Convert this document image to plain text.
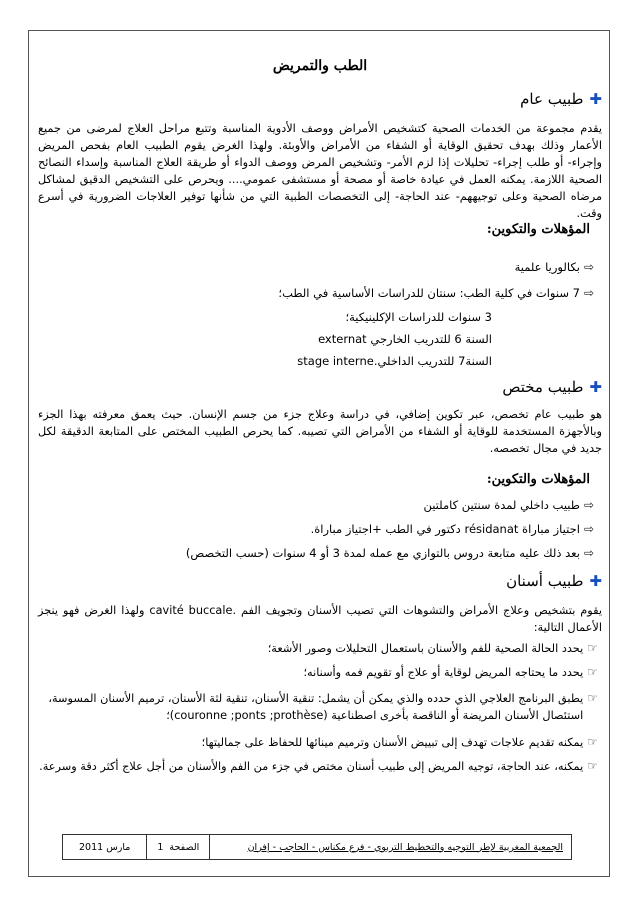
الطب والتمريض
✚
طبيب عام
يقدم مجموعة من الخدمات الصحية كتشخيص الأمراض ووصف الأدوية المناسبة وتتبع مراحل العلاج لمرضى من جميع الأعمار وذلك بهدف تحقيق الوقاية أو الشفاء من الأمراض والأوبئة. ولهذا الغرض يقوم الطبيب العام بفحص المريض وإجراء- أو طلب إجراء- تحليلات إذا لزم الأمر- وتشخيص المرض ووصف الدواء أو طريقة العلاج المناسبة وإسداء النصائح الصحية اللازمة. يمكنه العمل في عيادة خاصة أو مصحة أو مستشفى عمومي.... ويحرص على التشخيص الدقيق لمشاكل مرضاه الصحية وعلى توجيههم- عند الحاجة- إلى التخصصات الطبية التي من شأنها توفير العلاجات الضرورية في أسرع وقت.
المؤهلات والتكوين:
⇨
بكالوريا علمية
⇨
7 سنوات في كلية الطب: سنتان للدراسات الأساسية في الطب؛
3 سنوات للدراسات الإكلينيكية؛
السنة 6 للتدريب الخارجي externat
السنة7 للتدريب الداخلي.stage interne
✚
طبيب مختص
هو طبيب عام تخصص، عبر تكوين إضافي، في دراسة وعلاج جزء من جسم الإنسان. حيث يعمق معرفته بهذا الجزء وبالأجهزة المستخدمة للوقاية أو الشفاء من الأمراض التي تصيبه. كما يحرص الطبيب المختص على المتابعة الدقيقة لكل جديد في مجال تخصصه.
المؤهلات والتكوين:
⇨
طبيب داخلي لمدة سنتين كاملتين
⇨
اجتياز مباراة résidanat دكتور في الطب +اجتياز مباراة.
⇨
بعد ذلك عليه متابعة دروس بالتوازي مع عمله لمدة 3 أو 4 سنوات (حسب التخصص)
✚
طبيب أسنان
يقوم بتشخيص وعلاج الأمراض والتشوهات التي تصيب الأسنان وتجويف الفم .cavité buccale ولهذا الغرض فهو ينجز الأعمال التالية:
☞
يحدد الحالة الصحية للفم والأسنان باستعمال التحليلات وصور الأشعة؛
☞
يحدد ما يحتاجه المريض لوقاية أو علاج أو تقويم فمه وأسنانه؛
☞
يطبق البرنامج العلاجي الذي حدده والذي يمكن أن يشمل: تنقية الأسنان، تنقية لثة الأسنان، ترميم الأسنان المسوسة، استئصال الأسنان المريضة أو الناقصة بأخرى اصطناعية (couronne ;ponts ;prothèse)؛
☞
يمكنه تقديم علاجات تهدف إلى تبييض الأسنان وترميم مينائها للحفاظ على جماليتها؛
☞
يمكنه، عند الحاجة، توجيه المريض إلى طبيب أسنان مختص في جزء من الفم والأسنان من أجل علاج أكثر دقة وسرعة.
الجمعية المغربية لإطر التوجيه والتخطيط التربوي - فرع مكناس - الحاجب - إفران
الصفحة
1
مارس 2011
